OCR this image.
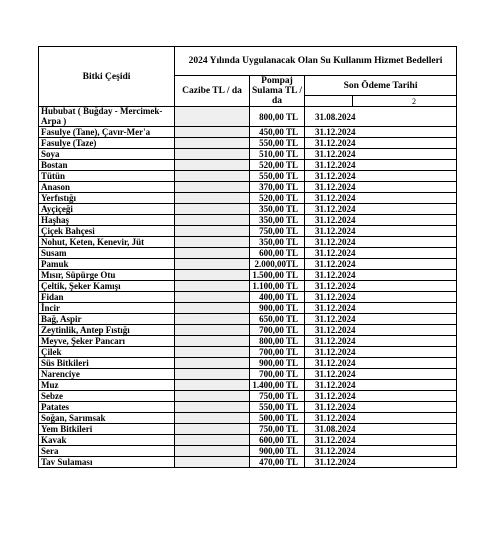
Bitki Çeşidi	2024 Yılında Uygulanacak Olan Su Kullanım Hizmet Bedelleri			
	Cazibe TL / da	Pompaj Sulama TL / da	Son Ödeme Tarihi	
				2
Hububat ( Buğday - Mercimek- Arpa )		800,00 TL	31.08.2024	
Fasulye (Tane), Çavır-Mer'a		450,00 TL	31.12.2024	
Fasulye (Taze)		550,00 TL	31.12.2024	
Soya		510,00 TL	31.12.2024	
Bostan		520,00 TL	31.12.2024	
Tütün		550,00 TL	31.12.2024	
Anason		370,00 TL	31.12.2024	
Yerfıstığı		520,00 TL	31.12.2024	
Ayçiçeği		350,00 TL	31.12.2024	
Haşhaş		350,00 TL	31.12.2024	
Çiçek Bahçesi		750,00 TL	31.12.2024	
Nohut, Keten, Kenevir, Jüt		350,00 TL	31.12.2024	
Susam		600,00 TL	31.12.2024	
Pamuk		2.000,00TL	31.12.2024	
Mısır, Süpürge Otu		1.500,00 TL	31.12.2024	
Çeltik, Şeker Kamışı		1.100,00 TL	31.12.2024	
Fidan		400,00 TL	31.12.2024	
İncir		900,00 TL	31.12.2024	
Bağ, Aspir		650,00 TL	31.12.2024	
Zeytinlik, Antep Fıstığı		700,00 TL	31.12.2024	
Meyve, Şeker Pancarı		800,00 TL	31.12.2024	
Çilek		700,00 TL	31.12.2024	
Süs Bitkileri		900,00 TL	31.12.2024	
Narenciye		700,00 TL	31.12.2024	
Muz		1.400,00 TL	31.12.2024	
Sebze		750,00 TL	31.12.2024	
Patates		550,00 TL	31.12.2024	
Soğan, Sarımsak		500,00 TL	31.12.2024	
Yem Bitkileri		750,00 TL	31.08.2024	
Kavak		600,00 TL	31.12.2024	
Sera		900,00 TL	31.12.2024	
Tav Sulaması		470,00 TL	31.12.2024	
